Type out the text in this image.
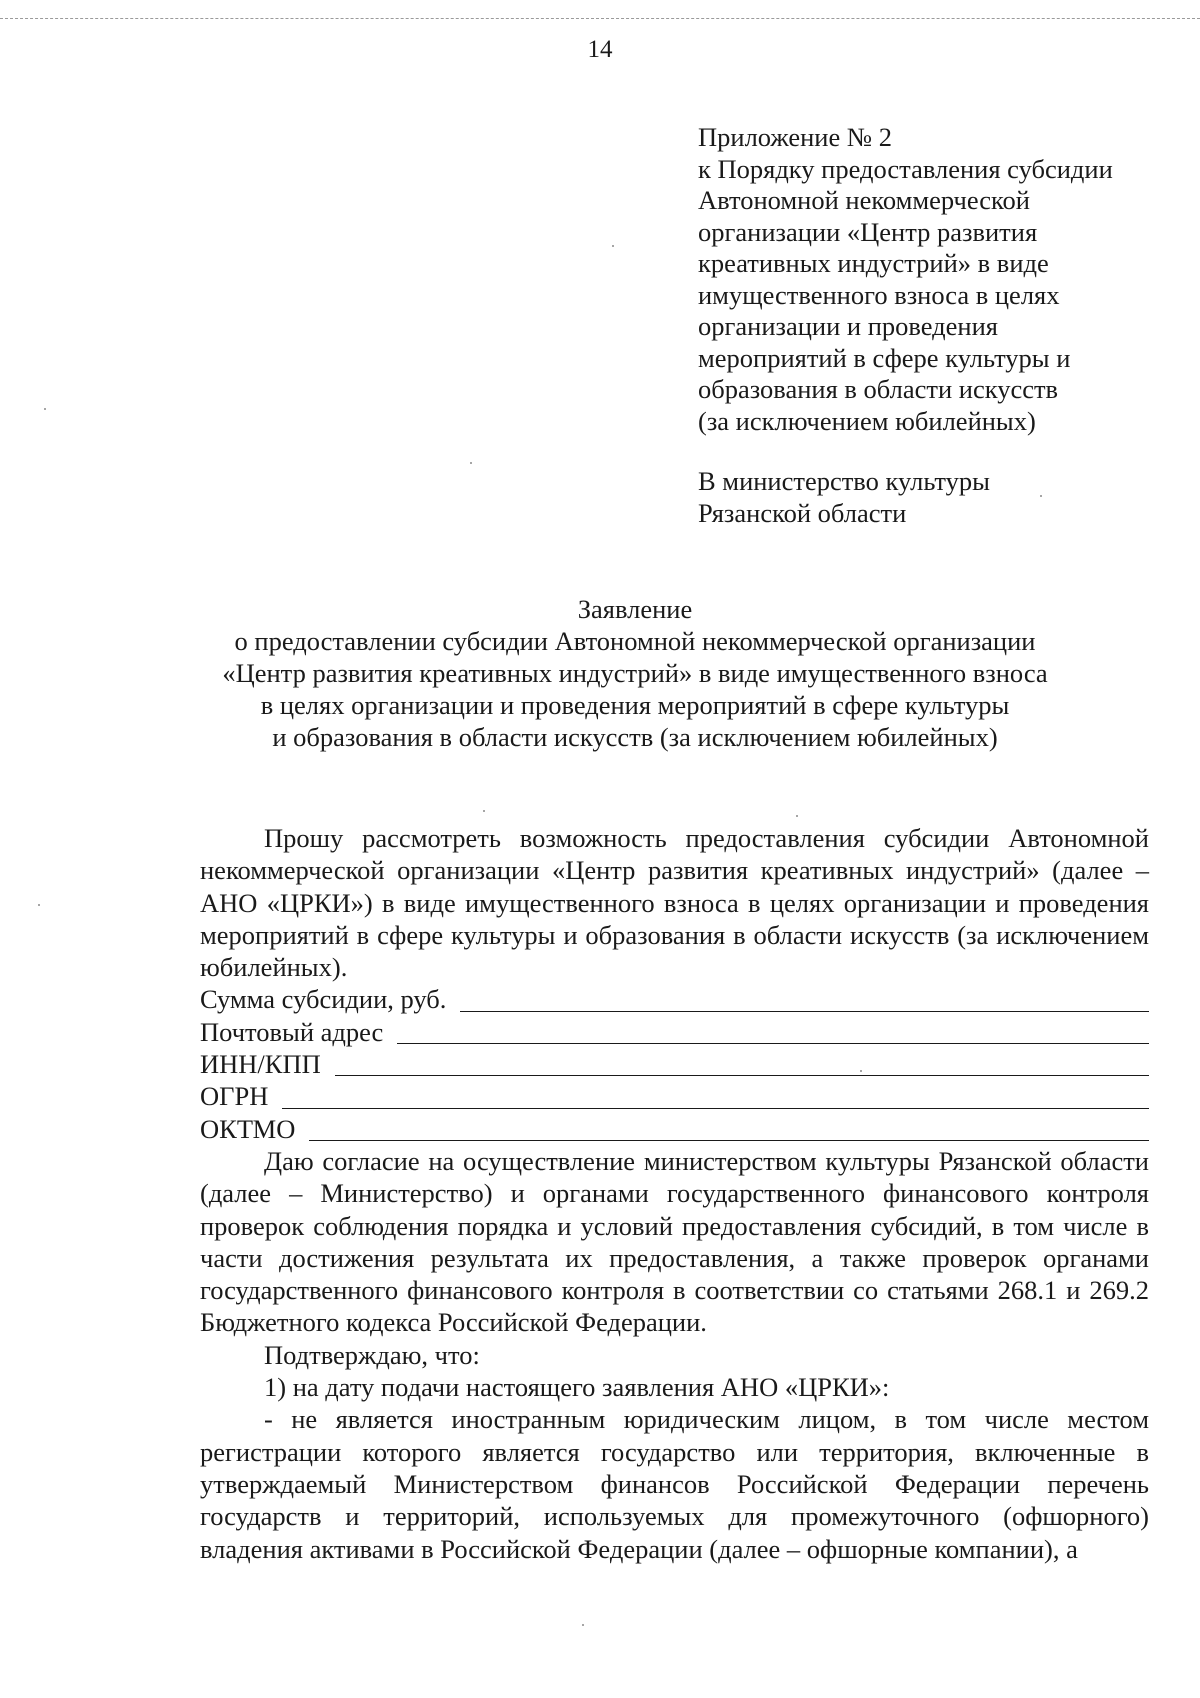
14
Приложение № 2
к Порядку предоставления субсидии
Автономной некоммерческой
организации «Центр развития
креативных индустрий» в виде
имущественного взноса в целях
организации и проведения
мероприятий в сфере культуры и
образования в области искусств
(за исключением юбилейных)
В министерство культуры
Рязанской области
Заявление
о предоставлении субсидии Автономной некоммерческой организации
«Центр развития креативных индустрий» в виде имущественного взноса
в целях организации и проведения мероприятий в сфере культуры
и образования в области искусств (за исключением юбилейных)

Прошу рассмотреть возможность предоставления субсидии Автономной некоммерческой организации «Центр развития креативных индустрий» (далее – АНО «ЦРКИ») в виде имущественного взноса в целях организации и проведения мероприятий в сфере культуры и образования в области искусств (за исключением юбилейных).

Сумма субсидии, руб.
Почтовый адрес
ИНН/КПП
ОГРН
ОКТМО

Даю согласие на осуществление министерством культуры Рязанской области (далее – Министерство) и органами государственного финансового контроля проверок соблюдения порядка и условий предоставления субсидий, в том числе в части достижения результата их предоставления, а также проверок органами государственного финансового контроля в соответствии со статьями 268.1 и 269.2 Бюджетного кодекса Российской Федерации.

Подтверждаю, что:

1) на дату подачи настоящего заявления АНО «ЦРКИ»:

- не является иностранным юридическим лицом, в том числе местом регистрации которого является государство или территория, включенные в утверждаемый Министерством финансов Российской Федерации перечень государств и территорий, используемых для промежуточного (офшорного) владения активами в Российской Федерации (далее – офшорные компании), а
